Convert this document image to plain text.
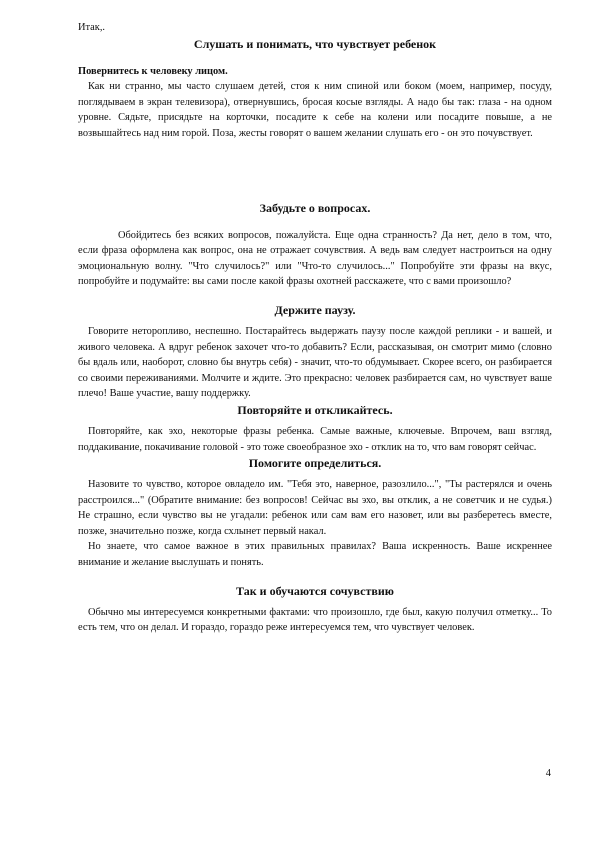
Итак,.

Слушать и понимать, что чувствует ребенок

Повернитесь к человеку лицом.

Как ни странно, мы часто слушаем детей, стоя к ним спиной или боком (моем, например, посуду, поглядываем в экран телевизора), отвернувшись, бросая косые взгляды. А надо бы так: глаза - на одном уровне. Сядьте, присядьте на корточки, посадите к себе на колени или посадите повыше, а не возвышайтесь над ним горой. Поза, жесты говорят о вашем желании слушать его - он это почувствует.

Забудьте о вопросах.

Обойдитесь без всяких вопросов, пожалуйста. Еще одна странность? Да нет, дело в том, что, если фраза оформлена как вопрос, она не отражает сочувствия. А ведь вам следует настроиться на одну эмоциональную волну. "Что случилось?" или "Что-то случилось..." Попробуйте эти фразы на вкус, попробуйте и подумайте: вы сами после какой фразы охотней расскажете, что с вами произошло?

Держите паузу.

Говорите неторопливо, неспешно. Постарайтесь выдержать паузу после каждой реплики - и вашей, и живого человека. А вдруг ребенок захочет что-то добавить? Если, рассказывая, он смотрит мимо (словно бы вдаль или, наоборот, словно бы внутрь себя) - значит, что-то обдумывает. Скорее всего, он разбирается со своими переживаниями. Молчите и ждите. Это прекрасно: человек разбирается сам, но чувствует ваше плечо! Ваше участие, вашу поддержку.

Повторяйте и откликайтесь.

Повторяйте, как эхо, некоторые фразы ребенка. Самые важные, ключевые. Впрочем, ваш взгляд, поддакивание, покачивание головой - это тоже своеобразное эхо - отклик на то, что вам говорят сейчас.

Помогите определиться.

Назовите то чувство, которое овладело им. "Тебя это, наверное, разозлило...", "Ты растерялся и очень расстроился..." (Обратите внимание: без вопросов! Сейчас вы эхо, вы отклик, а не советчик и не судья.) Не страшно, если чувство вы не угадали: ребенок или сам вам его назовет, или вы разберетесь вместе, позже, значительно позже, когда схлынет первый накал.

Но знаете, что самое важное в этих правильных правилах? Ваша искренность. Ваше искреннее внимание и желание выслушать и понять.

Так и обучаются сочувствию

Обычно мы интересуемся конкретными фактами: что произошло, где был, какую получил отметку... То есть тем, что он делал. И гораздо, гораздо реже интересуемся тем, что чувствует человек.

4
